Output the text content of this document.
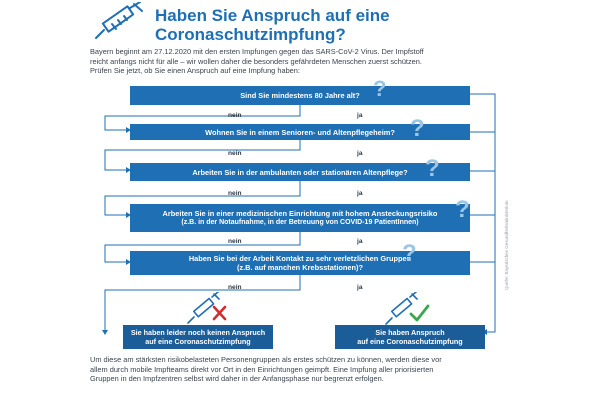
Haben Sie Anspruch auf eine
Coronaschutzimpfung?
Bayern beginnt am 27.12.2020 mit den ersten Impfungen gegen das SARS-CoV-2 Virus. Der Impfstoff
reicht anfangs nicht für alle – wir wollen daher die besonders gefährdeten Menschen zuerst schützen.
Prüfen Sie jetzt, ob Sie einen Anspruch auf eine Impfung haben:
Sind Sie mindestens 80 Jahre alt?
Wohnen Sie in einem Senioren- und Altenpflegeheim?
Arbeiten Sie in der ambulanten oder stationären Altenpflege?
Arbeiten Sie in einer medizinischen Einrichtung mit hohem Ansteckungsrisiko
(z.B. in der Notaufnahme, in der Betreuung von COVID-19 PatientInnen)
Haben Sie bei der Arbeit Kontakt zu sehr verletzlichen Gruppen
(z.B. auf manchen Krebsstationen)?
?
?
?
?
?
nein	ja
nein	ja
nein	ja
nein	ja
nein	ja
Sie haben leider noch keinen Anspruch
auf eine Coronaschutzimpfung
Sie haben Anspruch
auf eine Coronaschutzimpfung
Quelle: Bayerisches Gesundheitsministerium
Um diese am stärksten risikobelasteten Personengruppen als erstes schützen zu können, werden diese vor
allem durch mobile Impfteams direkt vor Ort in den Einrichtungen geimpft. Eine Impfung aller priorisierten
Gruppen in den Impfzentren selbst wird daher in der Anfangsphase nur begrenzt erfolgen.
